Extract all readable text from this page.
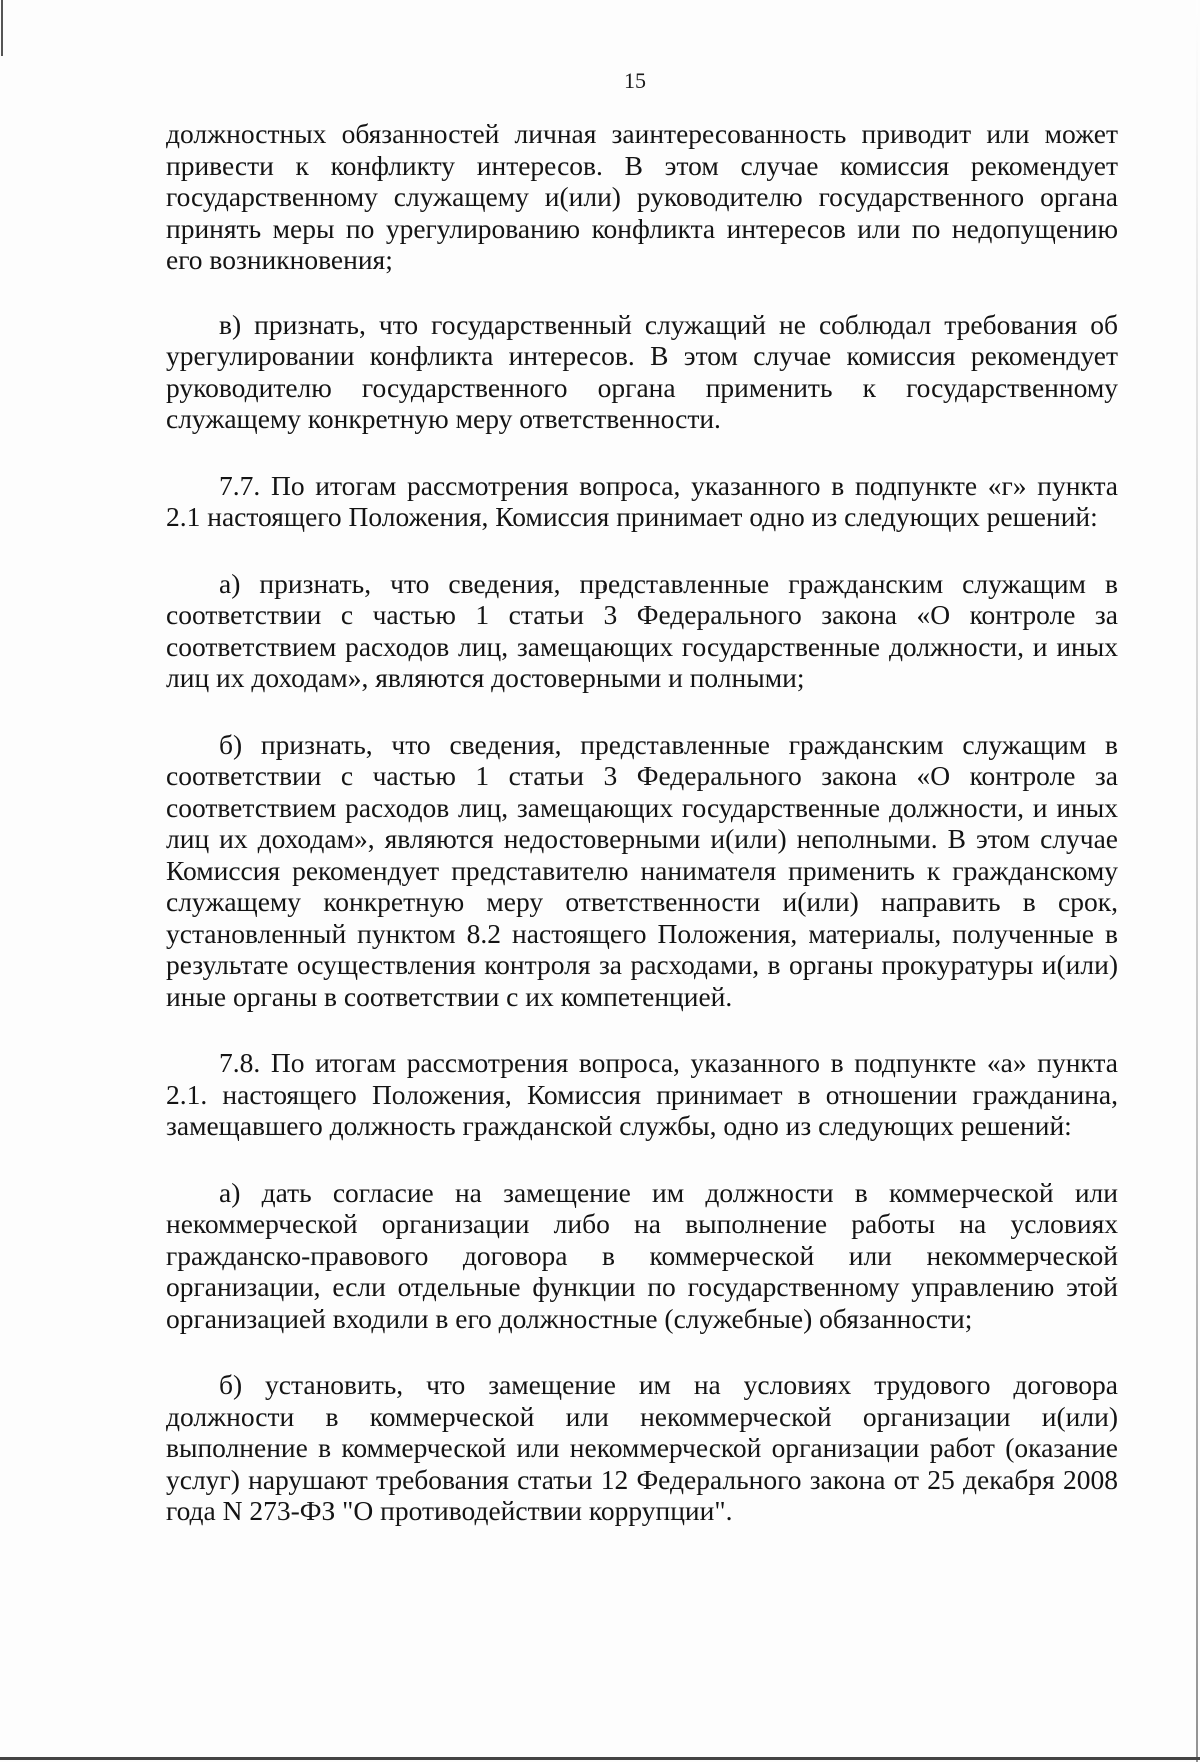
15

должностных обязанностей личная заинтересованность приводит или может привести к конфликту интересов. В этом случае комиссия рекомендует государственному служащему и(или) руководителю государственного органа принять меры по урегулированию конфликта интересов или по недопущению его возникновения;

в) признать, что государственный служащий не соблюдал требования об урегулировании конфликта интересов. В этом случае комиссия рекомендует руководителю государственного органа применить к государственному служащему конкретную меру ответственности.

7.7. По итогам рассмотрения вопроса, указанного в подпункте «г» пункта 2.1 настоящего Положения, Комиссия принимает одно из следующих решений:

а) признать, что сведения, представленные гражданским служащим в соответствии с частью 1 статьи 3 Федерального закона «О контроле за соответствием расходов лиц, замещающих государственные должности, и иных лиц их доходам», являются достоверными и полными;

б) признать, что сведения, представленные гражданским служащим в соответствии с частью 1 статьи 3 Федерального закона «О контроле за соответствием расходов лиц, замещающих государственные должности, и иных лиц их доходам», являются недостоверными и(или) неполными. В этом случае Комиссия рекомендует представителю нанимателя применить к гражданскому служащему конкретную меру ответственности и(или) направить в срок, установленный пунктом 8.2 настоящего Положения, материалы, полученные в результате осуществления контроля за расходами, в органы прокуратуры и(или) иные органы в соответствии с их компетенцией.

7.8. По итогам рассмотрения вопроса, указанного в подпункте «а» пункта 2.1. настоящего Положения, Комиссия принимает в отношении гражданина, замещавшего должность гражданской службы, одно из следующих решений:

а) дать согласие на замещение им должности в коммерческой или некоммерческой организации либо на выполнение работы на условиях гражданско-правового договора в коммерческой или некоммерческой организации, если отдельные функции по государственному управлению этой организацией входили в его должностные (служебные) обязанности;

б) установить, что замещение им на условиях трудового договора должности в коммерческой или некоммерческой организации и(или) выполнение в коммерческой или некоммерческой организации работ (оказание услуг) нарушают требования статьи 12 Федерального закона от 25 декабря 2008 года N 273-ФЗ "О противодействии коррупции".
